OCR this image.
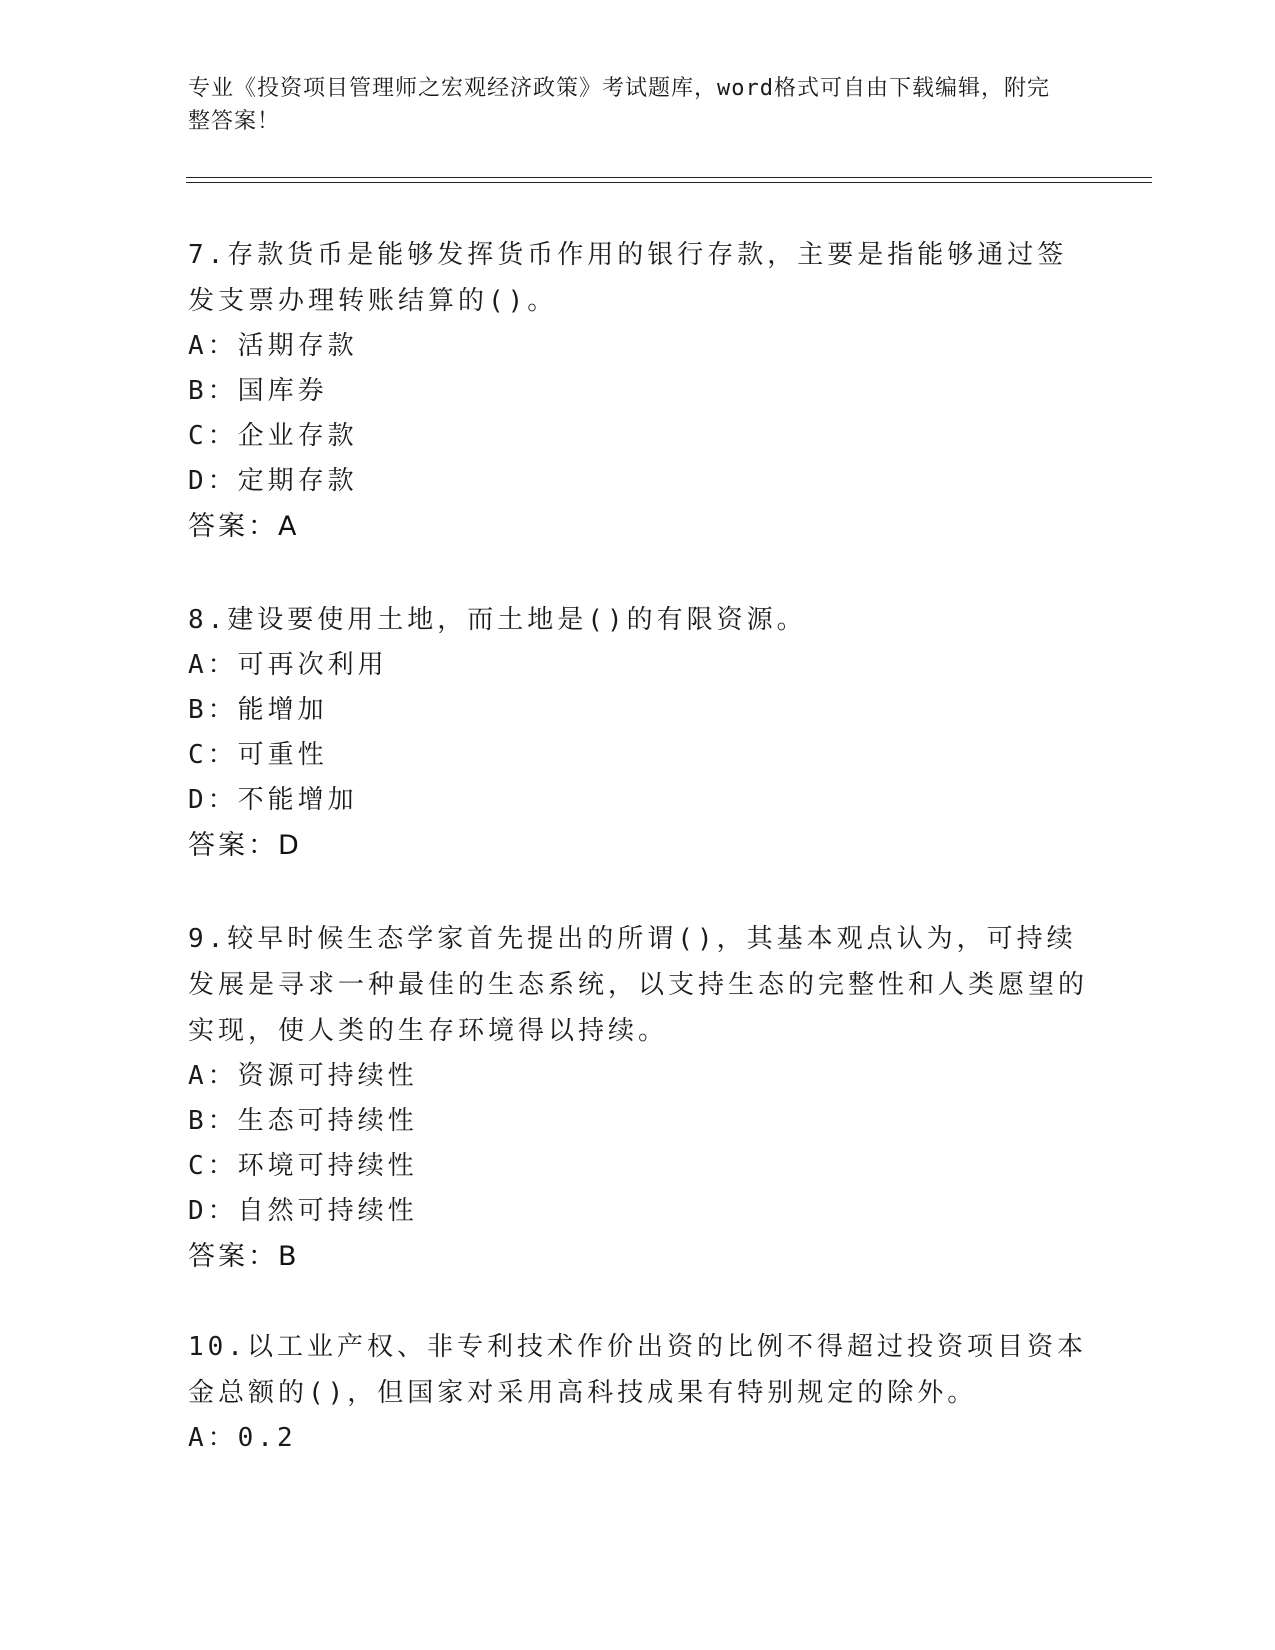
专业《投资项目管理师之宏观经济政策》考试题库，word格式可自由下载编辑，附完整答案！

7.存款货币是能够发挥货币作用的银行存款，主要是指能够通过签发支票办理转账结算的()。

A：活期存款

B：国库券

C：企业存款

D：定期存款

答案：A

8.建设要使用土地，而土地是()的有限资源。

A：可再次利用

B：能增加

C：可重性

D：不能增加

答案：D

9.较早时候生态学家首先提出的所谓()，其基本观点认为，可持续发展是寻求一种最佳的生态系统，以支持生态的完整性和人类愿望的实现，使人类的生存环境得以持续。

A：资源可持续性

B：生态可持续性

C：环境可持续性

D：自然可持续性

答案：B

10.以工业产权、非专利技术作价出资的比例不得超过投资项目资本金总额的()，但国家对采用高科技成果有特别规定的除外。

A：0.2
